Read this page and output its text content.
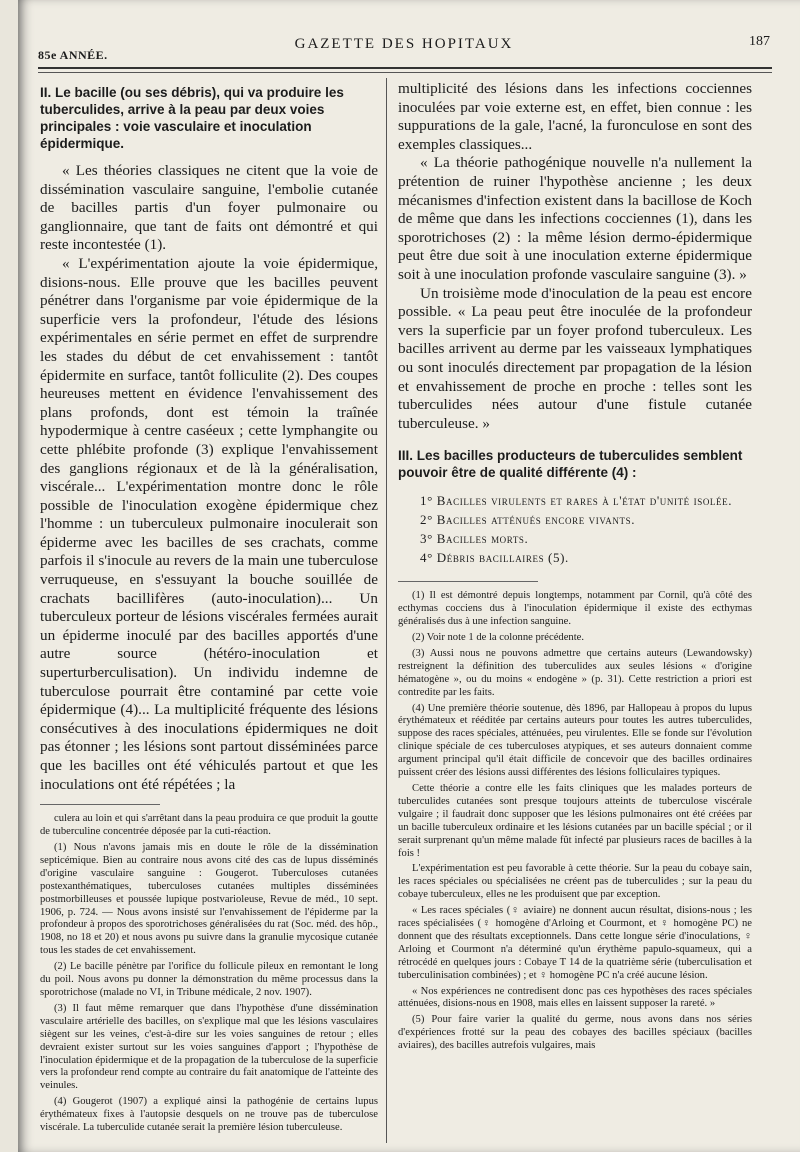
85e ANNÉE.
GAZETTE DES HOPITAUX	187
II. Le bacille (ou ses débris), qui va produire les tuberculides, arrive à la peau par deux voies principales : voie vasculaire et inoculation épidermique.

« Les théories classiques ne citent que la voie de dissémination vasculaire sanguine, l'embolie cutanée de bacilles partis d'un foyer pulmonaire ou ganglionnaire, que tant de faits ont démontré et qui reste incontestée (1).

« L'expérimentation ajoute la voie épidermique, disions-nous. Elle prouve que les bacilles peuvent pénétrer dans l'organisme par voie épidermique de la superficie vers la profondeur, l'étude des lésions expérimentales en série permet en effet de surprendre les stades du début de cet envahissement : tantôt épidermite en surface, tantôt folliculite (2). Des coupes heureuses mettent en évidence l'envahissement des plans profonds, dont est témoin la traînée hypodermique à centre caséeux ; cette lymphangite ou cette phlébite profonde (3) explique l'envahissement des ganglions régionaux et de là la généralisation, viscérale... L'expérimentation montre donc le rôle possible de l'inoculation exogène épidermique chez l'homme : un tuberculeux pulmonaire inoculerait son épiderme avec les bacilles de ses crachats, comme parfois il s'inocule au revers de la main une tuberculose verruqueuse, en s'essuyant la bouche souillée de crachats bacillifères (auto-inoculation)... Un tuberculeux porteur de lésions viscérales fermées aurait un épiderme inoculé par des bacilles apportés d'une autre source (hétéro-inoculation et superturberculisation). Un individu indemne de tuberculose pourrait être contaminé par cette voie épidermique (4)... La multiplicité fréquente des lésions consécutives à des inoculations épidermiques ne doit pas étonner ; les lésions sont partout disséminées parce que les bacilles ont été véhiculés partout et que les inoculations ont été répétées ; la

culera au loin et qui s'arrêtant dans la peau produira ce que produit la goutte de tuberculine concentrée déposée par la cuti-réaction.

(1) Nous n'avons jamais mis en doute le rôle de la dissémination septicémique. Bien au contraire nous avons cité des cas de lupus disséminés d'origine vasculaire sanguine : Gougerot. Tuberculoses cutanées postexanthématiques, tuberculoses cutanées multiples disséminées postmorbilleuses et poussée lupique postvariolеuse, Revue de méd., 10 sept. 1906, p. 724. — Nous avons insisté sur l'envahissement de l'épiderme par la profondeur à propos des sporotrichoses généralisées du rat (Soc. méd. des hôp., 1908, no 18 et 20) et nous avons pu suivre dans la granulie mycosique cutanée tous les stades de cet envahissement.

(2) Le bacille pénètre par l'orifice du follicule pileux en remontant le long du poil. Nous avons pu donner la démonstration du même processus dans la sporotrichose (malade no VI, in Tribune médicale, 2 nov. 1907).

(3) Il faut même remarquer que dans l'hypothèse d'une dissémination vasculaire artérielle des bacilles, on s'explique mal que les lésions vasculaires siègent sur les veines, c'est-à-dire sur les voies sanguines de retour ; elles devraient exister surtout sur les voies sanguines d'apport ; l'hypothèse de l'inoculation épidermique et de la propagation de la tuberculose de la superficie vers la profondeur rend compte au contraire du fait anatomique de l'atteinte des veinules.

(4) Gougerot (1907) a expliqué ainsi la pathogénie de certains lupus érythémateux fixes à l'autopsie desquels on ne trouve pas de tuberculose viscérale. La tuberculide cutanée serait la première lésion tuberculeuse.

multiplicité des lésions dans les infections cocciennes inoculées par voie externe est, en effet, bien connue : les suppurations de la gale, l'acné, la furonculose en sont des exemples classiques...

« La théorie pathogénique nouvelle n'a nullement la prétention de ruiner l'hypothèse ancienne ; les deux mécanismes d'infection existent dans la bacillose de Koch de même que dans les infections cocciennes (1), dans les sporotrichoses (2) : la même lésion dermo-épidermique peut être due soit à une inoculation externe épidermique soit à une inoculation profonde vasculaire sanguine (3). »

Un troisième mode d'inoculation de la peau est encore possible. « La peau peut être inoculée de la profondeur vers la superficie par un foyer profond tuberculeux. Les bacilles arrivent au derme par les vaisseaux lymphatiques ou sont inoculés directement par propagation de la lésion et envahissement de proche en proche : telles sont les tuberculides nées autour d'une fistule cutanée tuberculeuse. »

III. Les bacilles producteurs de tuberculides semblent pouvoir être de qualité différente (4) :
1° Bacilles virulents et rares à l'état d'unité isolée.
2° Bacilles atténués encore vivants.
3° Bacilles morts.
4° Débris bacillaires (5).

(1) Il est démontré depuis longtemps, notamment par Cornil, qu'à côté des ecthymas cocciens dus à l'inoculation épidermique il existe des ecthymas généralisés dus à une infection sanguine.

(2) Voir note 1 de la colonne précédente.

(3) Aussi nous ne pouvons admettre que certains auteurs (Lewandowsky) restreignent la définition des tuberculides aux seules lésions « d'origine hématogène », ou du moins « endogène » (p. 31). Cette restriction a priori est contredite par les faits.

(4) Une première théorie soutenue, dès 1896, par Hallopeau à propos du lupus érythémateux et rééditée par certains auteurs pour toutes les autres tuberculides, suppose des races spéciales, atténuées, peu virulentes. Elle se fonde sur l'évolution clinique spéciale de ces tuberculoses atypiques, et ses auteurs donnaient comme argument principal qu'il était difficile de concevoir que des bacilles ordinaires puissent créer des lésions aussi différentes des lésions folliculaires typiques.

Cette théorie a contre elle les faits cliniques que les malades porteurs de tuberculides cutanées sont presque toujours atteints de tuberculose viscérale vulgaire ; il faudrait donc supposer que les lésions pulmonaires ont été créées par un bacille tuberculeux ordinaire et les lésions cutanées par un bacille spécial ; or il serait surprenant qu'un même malade fût infecté par plusieurs races de bacilles à la fois !

L'expérimentation est peu favorable à cette théorie. Sur la peau du cobaye sain, les races spéciales ou spécialisées ne créent pas de tuberculides ; sur la peau du cobaye tuberculeux, elles ne les produisent que par exception.

« Les races spéciales (♀ aviaire) ne donnent aucun résultat, disions-nous ; les races spécialisées (♀ homogène d'Arloing et Courmont, et ♀ homogène PC) ne donnent que des résultats exceptionnels. Dans cette longue série d'inoculations, ♀ Arloing et Courmont n'a déterminé qu'un érythème papulo-squameux, qui a rétrocédé en quelques jours : Cobaye T 14 de la quatrième série (tuberculisation et tuberculinisation combinées) ; et ♀ homogène PC n'a créé aucune lésion.

« Nos expériences ne contredisent donc pas ces hypothèses des races spéciales atténuées, disions-nous en 1908, mais elles en laissent supposer la rareté. »

(5) Pour faire varier la qualité du germe, nous avons dans nos séries d'expériences frotté sur la peau des cobayes des bacilles spéciaux (bacilles aviaires), des bacilles autrefois vulgaires, mais
